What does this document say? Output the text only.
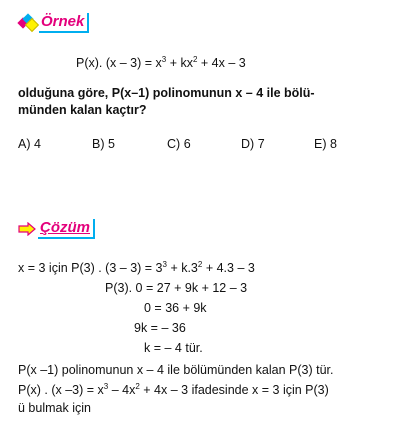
Örnek
P(x). $(x - 3) = x^3 + kx^2 + 4x - 3$
olduğuna göre, P(x–1) polinomunun x – 4 ile bölü-
münden kalan kaçtır?
A) 4	B) 5	C) 6	D) 7	E) 8
Çözüm
x = 3 için P(3) . $(3 - 3) = 3^3 + k.3^2 + 4.3 - 3$
P(3). 0 = 27 + 9k + 12 – 3
0 = 36 + 9k
9k = – 36
k = – 4 tür.
P(x –1) polinomunun x – 4 ile bölümünden kalan P(3) tür.
P(x) . (x $-3) = x^3 - 4x^2 + 4x - 3$ ifadesinde x = 3 için P(3)
ü bulmak için
